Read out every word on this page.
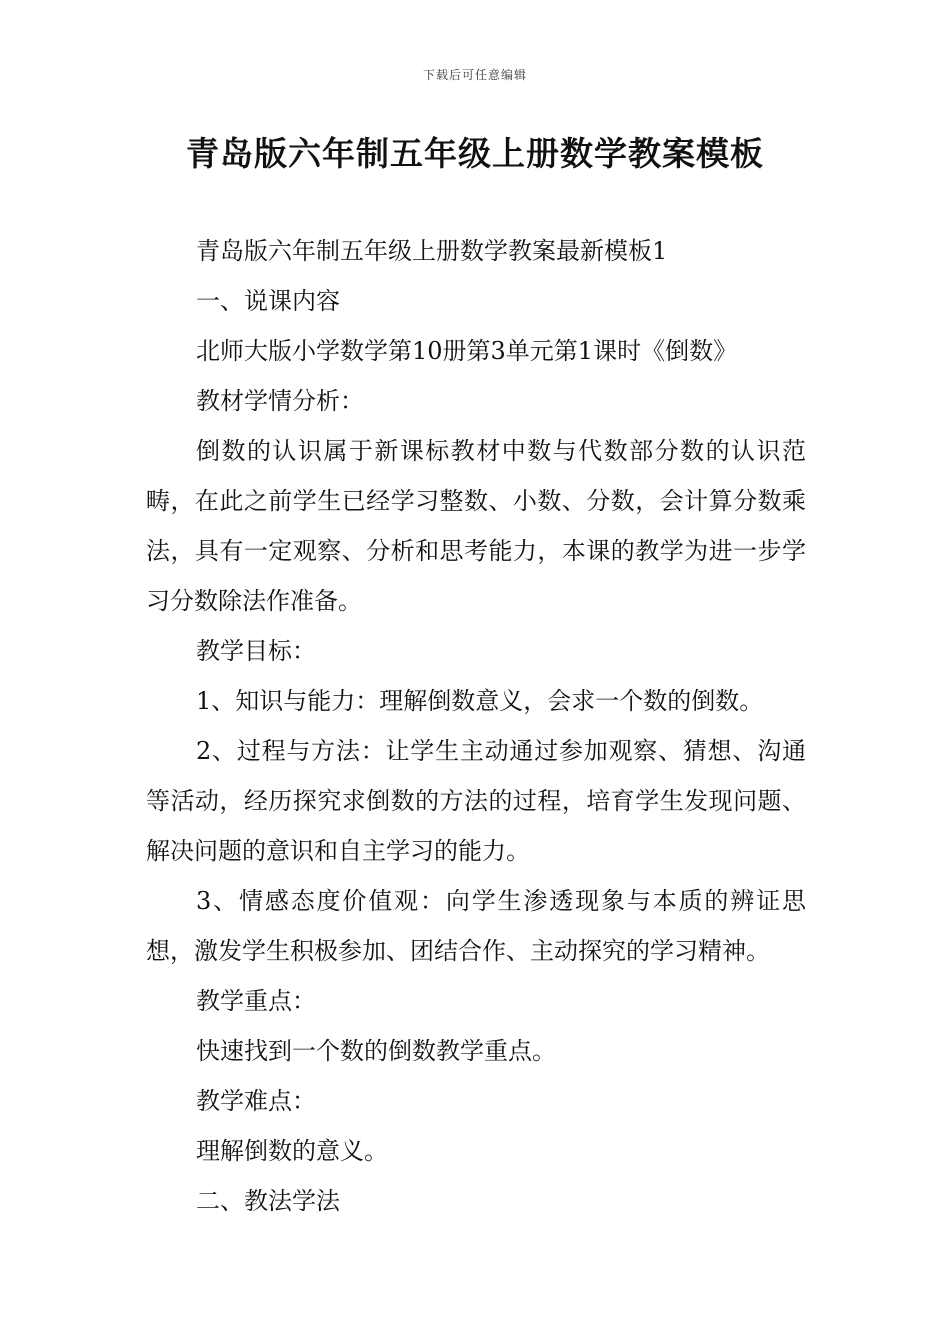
下载后可任意编辑
青岛版六年制五年级上册数学教案模板

青岛版六年制五年级上册数学教案最新模板1

一、说课内容

北师大版小学数学第10册第3单元第1课时《倒数》

教材学情分析：

倒数的认识属于新课标教材中数与代数部分数的认识范畴，在此之前学生已经学习整数、小数、分数，会计算分数乘法，具有一定观察、分析和思考能力，本课的教学为进一步学习分数除法作准备。

教学目标：

1、知识与能力：理解倒数意义，会求一个数的倒数。

2、过程与方法：让学生主动通过参加观察、猜想、沟通等活动，经历探究求倒数的方法的过程，培育学生发现问题、解决问题的意识和自主学习的能力。

3、情感态度价值观：向学生渗透现象与本质的辨证思想，激发学生积极参加、团结合作、主动探究的学习精神。

教学重点：

快速找到一个数的倒数教学重点。

教学难点：

理解倒数的意义。

二、教法学法
